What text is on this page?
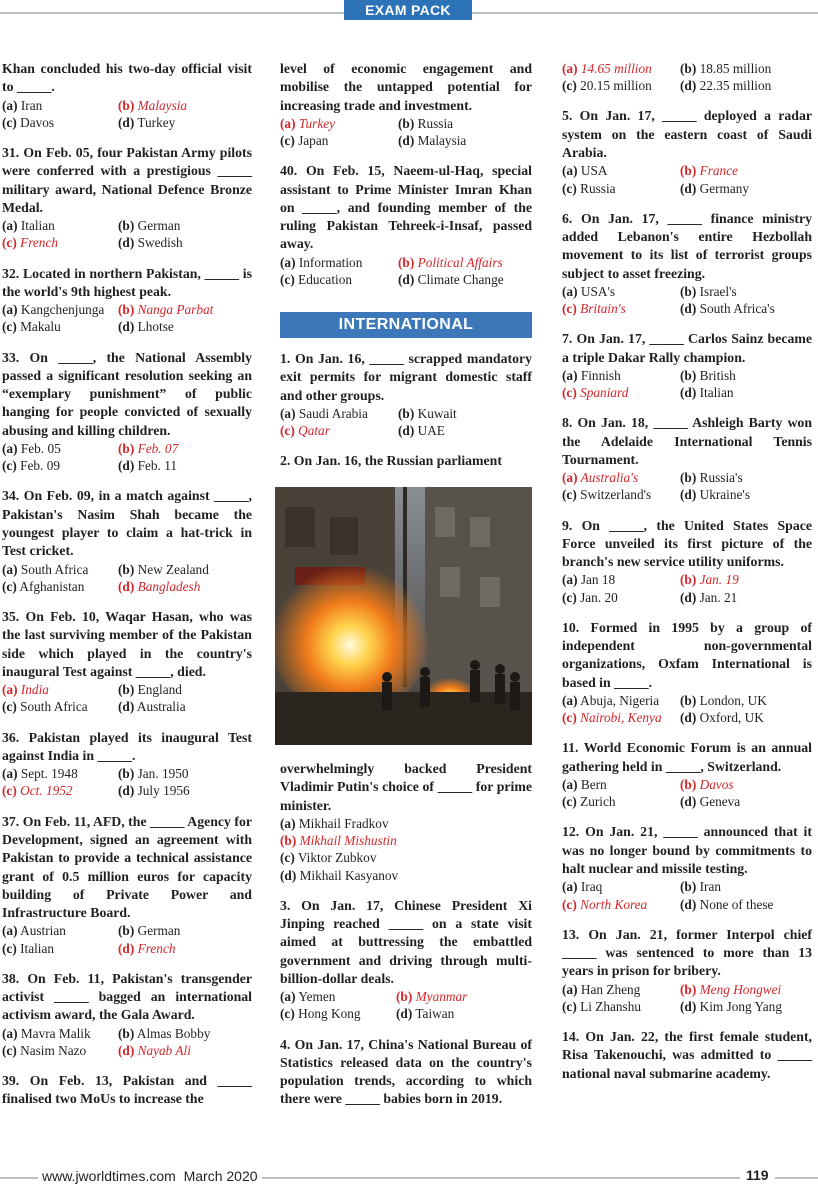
EXAM PACK
Khan concluded his two-day official visit to _____.
(a) Iran	(b) Malaysia
(c) Davos	(d) Turkey
31. On Feb. 05, four Pakistan Army pilots were conferred with a prestigious _____ military award, National Defence Bronze Medal.
(a) Italian	(b) German
(c) French	(d) Swedish
32. Located in northern Pakistan, _____ is the world's 9th highest peak.
(a) Kangchenjunga	(b) Nanga Parbat
(c) Makalu	(d) Lhotse
33. On _____, the National Assembly passed a significant resolution seeking an “exemplary punishment” of public hanging for people convicted of sexually abusing and killing children.
(a) Feb. 05	(b) Feb. 07
(c) Feb. 09	(d) Feb. 11
34. On Feb. 09, in a match against _____, Pakistan's Nasim Shah became the youngest player to claim a hat-trick in Test cricket.
(a) South Africa	(b) New Zealand
(c) Afghanistan	(d) Bangladesh
35. On Feb. 10, Waqar Hasan, who was the last surviving member of the Pakistan side which played in the country's inaugural Test against _____, died.
(a) India	(b) England
(c) South Africa	(d) Australia
36. Pakistan played its inaugural Test against India in _____.
(a) Sept. 1948	(b) Jan. 1950
(c) Oct. 1952	(d) July 1956
37. On Feb. 11, AFD, the _____ Agency for Development, signed an agreement with Pakistan to provide a technical assistance grant of 0.5 million euros for capacity building of Private Power and Infrastructure Board.
(a) Austrian	(b) German
(c) Italian	(d) French
38. On Feb. 11, Pakistan's transgender activist _____ bagged an international activism award, the Gala Award.
(a) Mavra Malik	(b) Almas Bobby
(c) Nasim Nazo	(d) Nayab Ali
39. On Feb. 13, Pakistan and _____ finalised two MoUs to increase the
level of economic engagement and mobilise the untapped potential for increasing trade and investment.
(a) Turkey	(b) Russia
(c) Japan	(d) Malaysia
40. On Feb. 15, Naeem-ul-Haq, special assistant to Prime Minister Imran Khan on _____, and founding member of the ruling Pakistan Tehreek-i-Insaf, passed away.
(a) Information	(b) Political Affairs
(c) Education	(d) Climate Change
INTERNATIONAL
1. On Jan. 16, _____ scrapped mandatory exit permits for migrant domestic staff and other groups.
(a) Saudi Arabia	(b) Kuwait
(c) Qatar	(d) UAE
2. On Jan. 16, the Russian parliament
overwhelmingly backed President Vladimir Putin's choice of _____ for prime minister.
(a) Mikhail Fradkov
(b) Mikhail Mishustin
(c) Viktor Zubkov
(d) Mikhail Kasyanov
3. On Jan. 17, Chinese President Xi Jinping reached _____ on a state visit aimed at buttressing the embattled government and driving through multi-billion-dollar deals.
(a) Yemen	(b) Myanmar
(c) Hong Kong	(d) Taiwan
4. On Jan. 17, China's National Bureau of Statistics released data on the country's population trends, according to which there were _____ babies born in 2019.
(a) 14.65 million	(b) 18.85 million
(c) 20.15 million	(d) 22.35 million
5. On Jan. 17, _____ deployed a radar system on the eastern coast of Saudi Arabia.
(a) USA	(b) France
(c) Russia	(d) Germany
6. On Jan. 17, _____ finance ministry added Lebanon's entire Hezbollah movement to its list of terrorist groups subject to asset freezing.
(a) USA's	(b) Israel's
(c) Britain's	(d) South Africa's
7. On Jan. 17, _____ Carlos Sainz became a triple Dakar Rally champion.
(a) Finnish	(b) British
(c) Spaniard	(d) Italian
8. On Jan. 18, _____ Ashleigh Barty won the Adelaide International Tennis Tournament.
(a) Australia's	(b) Russia's
(c) Switzerland's	(d) Ukraine's
9. On _____, the United States Space Force unveiled its first picture of the branch's new service utility uniforms.
(a) Jan 18	(b) Jan. 19
(c) Jan. 20	(d) Jan. 21
10. Formed in 1995 by a group of independent non-governmental organizations, Oxfam International is based in _____.
(a) Abuja, Nigeria	(b) London, UK
(c) Nairobi, Kenya	(d) Oxford, UK
11. World Economic Forum is an annual gathering held in _____, Switzerland.
(a) Bern	(b) Davos
(c) Zurich	(d) Geneva
12. On Jan. 21, _____ announced that it was no longer bound by commitments to halt nuclear and missile testing.
(a) Iraq	(b) Iran
(c) North Korea	(d) None of these
13. On Jan. 21, former Interpol chief _____ was sentenced to more than 13 years in prison for bribery.
(a) Han Zheng	(b) Meng Hongwei
(c) Li Zhanshu	(d) Kim Jong Yang
14. On Jan. 22, the first female student, Risa Takenouchi, was admitted to _____ national naval submarine academy.
www.jworldtimes.com March 2020	119
